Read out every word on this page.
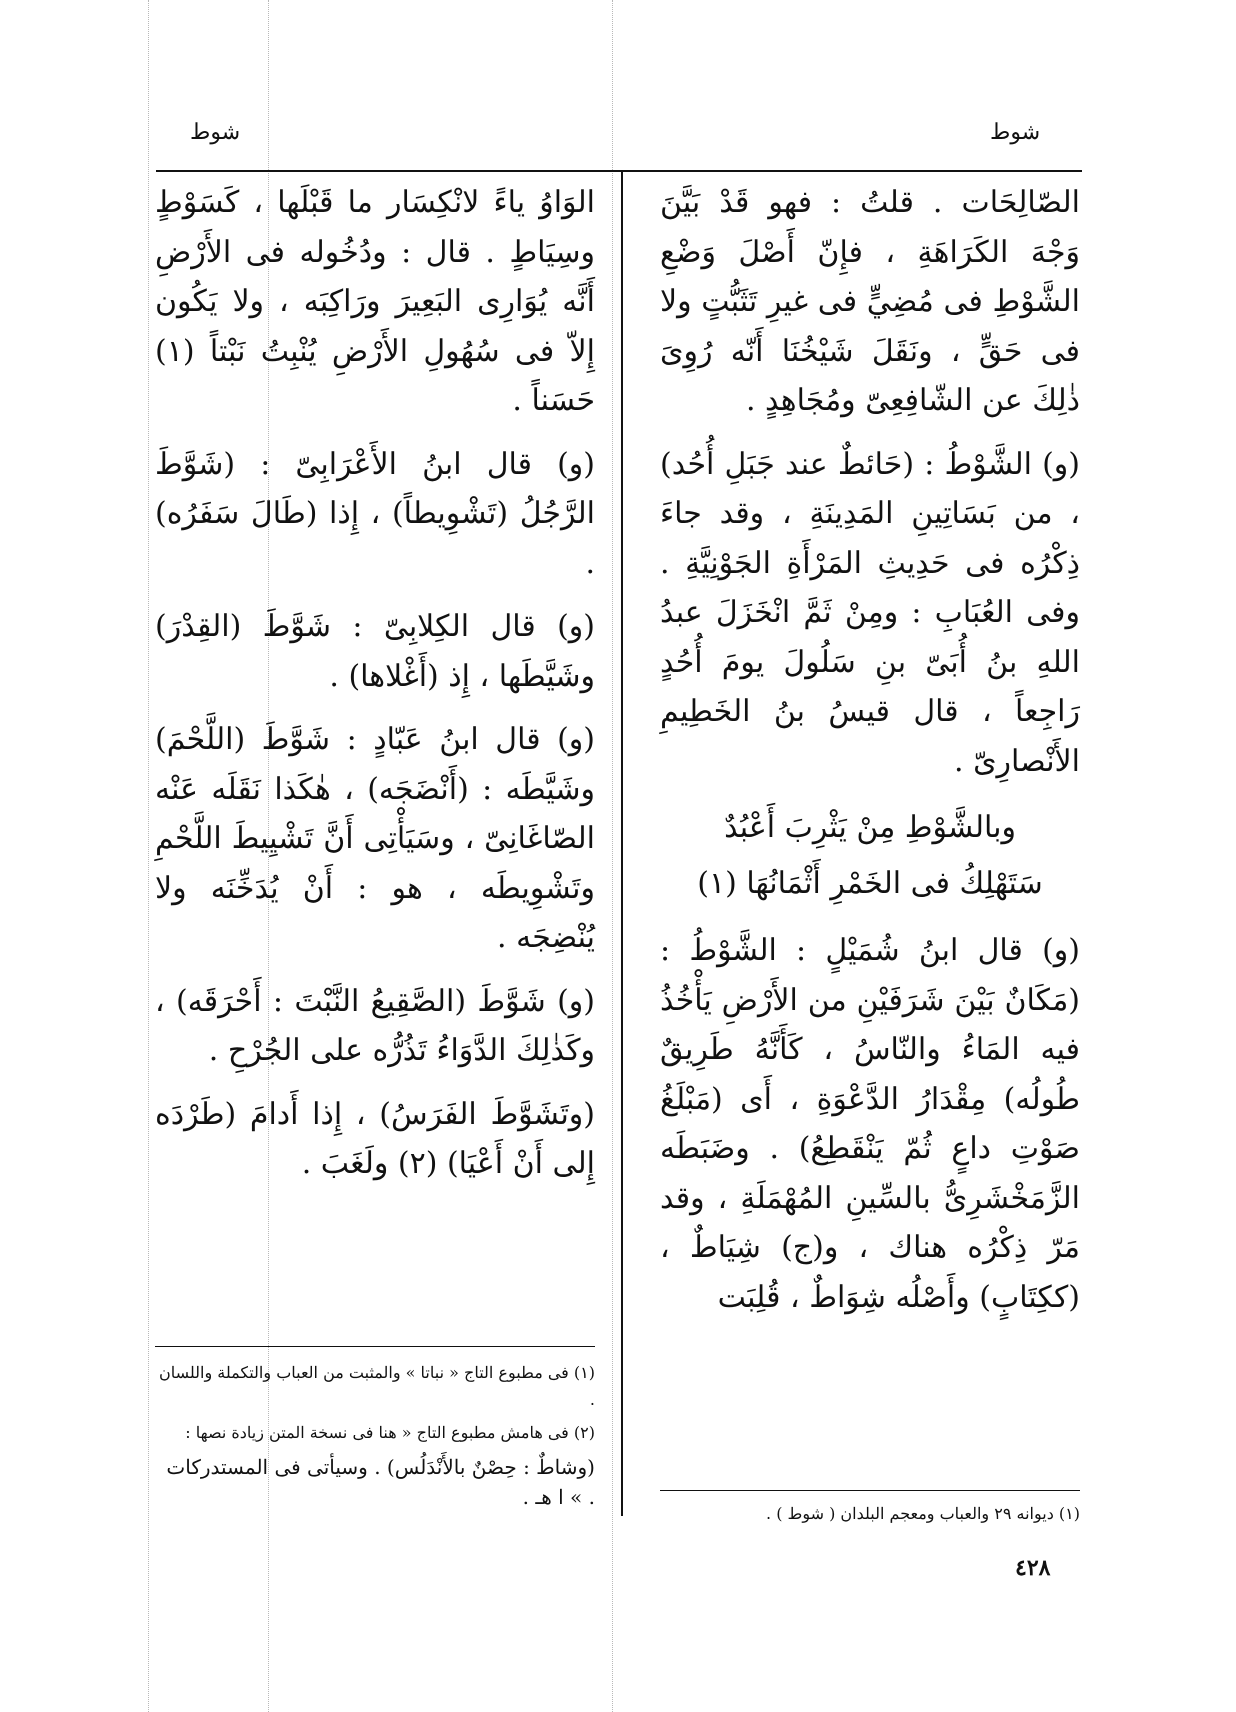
شوط	شوط

الصّالِحَات . قلتُ : فهو قَدْ بَيَّنَ وَجْهَ الكَرَاهَةِ ، فإِنّ أَصْلَ وَضْعِ الشَّوْطِ فى مُضِيٍّ فى غيرِ تَثَبُّتٍ ولا فى حَقٍّ ، ونَقَلَ شَيْخُنَا أَنّه رُوِىَ ذٰلِكَ عن الشّافِعِىّ ومُجَاهِدٍ .

(و) الشَّوْطُ : (حَائطٌ عند جَبَلِ أُحُد) ، من بَسَاتِينِ المَدِينَةِ ، وقد جاءَ ذِكْرُه فى حَدِيثِ المَرْأَةِ الجَوْنِيَّةِ . وفى العُبَابِ : ومِنْ ثَمَّ انْخَزَلَ عبدُ اللهِ بنُ أُبَىّ بنِ سَلُولَ يومَ أُحُدٍ رَاجِعاً ، قال قيسُ بنُ الخَطِيمِ الأَنْصارِىّ .

وبالشَّوْطِ مِنْ يَثْرِبَ أَعْبُدٌ
سَتَهْلِكُ فى الخَمْرِ أَثْمَانُهَا (١)

(و) قال ابنُ شُمَيْلٍ : الشَّوْطُ : (مَكَانٌ بَيْنَ شَرَفَيْنِ من الأَرْضِ يَأْخُذُ فيه المَاءُ والنّاسُ ، كَأَنَّهُ طَرِيقٌ طُولُه) مِقْدَارُ الدَّعْوَةِ ، أَى (مَبْلَغُ صَوْتِ داعٍ ثُمّ يَنْقَطِعُ) . وضَبَطَه الزَّمَخْشَرِىُّ بالسِّينِ المُهْمَلَةِ ، وقد مَرّ ذِكْرُه هناك ، و(ج) شِيَاطٌ ، (ككِتَابٍ) وأَصْلُه شِوَاطٌ ، قُلِبَت

الوَاوُ ياءً لانْكِسَار ما قَبْلَها ، كَسَوْطٍ وسِيَاطٍ . قال : ودُخُوله فى الأَرْضِ أَنَّه يُوَارِى البَعِيرَ ورَاكِبَه ، ولا يَكُون إِلاّ فى سُهُولِ الأَرْضِ يُنْبِتُ نَبْتاً (١) حَسَناً .

(و) قال ابنُ الأَعْرَابِىّ : (شَوَّطَ الرَّجُلُ (تَشْوِيطاً) ، إِذا (طَالَ سَفَرُه) .

(و) قال الكِلابِىّ : شَوَّطَ (القِدْرَ) وشَيَّطَها ، إِذ (أَغْلاها) .

(و) قال ابنُ عَبّادٍ : شَوَّطَ (اللَّحْمَ) وشَيَّطَه : (أَنْضَجَه) ، هٰكَذا نَقَلَه عَنْه الصّاغَانِىّ ، وسَيَأْتِى أَنَّ تَشْيِيطَ اللَّحْمِ وتَشْوِيطَه ، هو : أَنْ يُدَخِّنَه ولا يُنْضِجَه .

(و) شَوَّطَ (الصَّقِيعُ النَّبْتَ : أَحْرَقَه) ، وكَذٰلِكَ الدَّوَاءُ تَذُرُّه على الجُرْحِ .

(وتَشَوَّطَ الفَرَسُ) ، إِذا أَدامَ (طَرْدَه إِلى أَنْ أَعْيَا) (٢) ولَغَبَ .

(١) فى مطبوع التاج « نباتا » والمثبت من العباب والتكملة واللسان .

(٢) فى هامش مطبوع التاج « هنا فى نسخة المتن زيادة نصها :

(وشاطٌ : حِصْنٌ بالأَنْدَلُس) . وسيأتى فى المستدركات . » ا هـ .

(١) ديوانه ٢٩ والعباب ومعجم البلدان ( شوط ) .

٤٢٨
